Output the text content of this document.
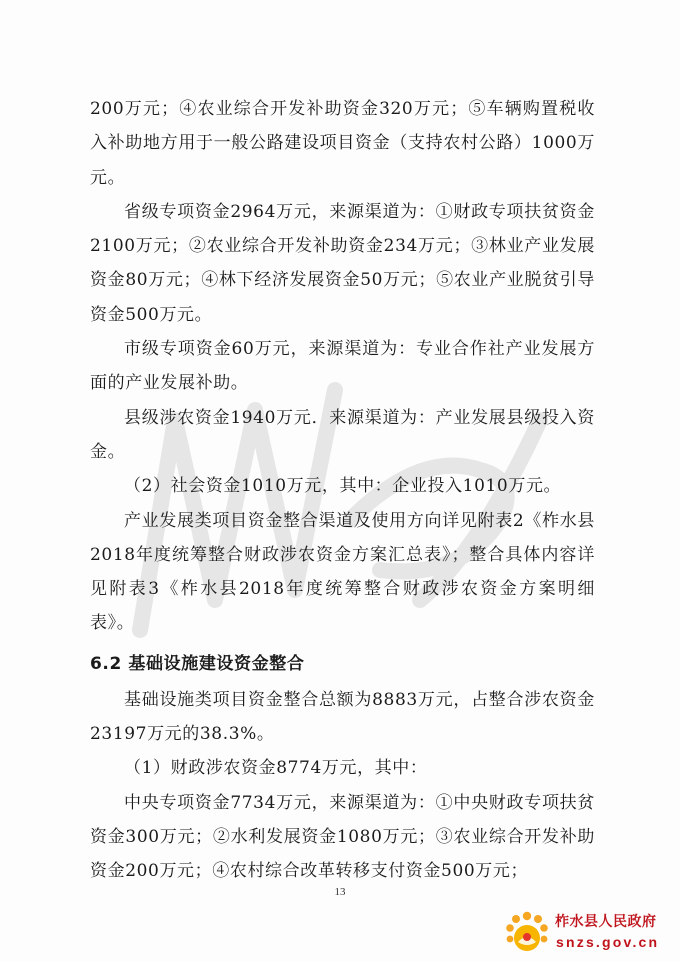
200万元；④农业综合开发补助资金320万元；⑤车辆购置税收入补助地方用于一般公路建设项目资金（支持农村公路）1000万元。

省级专项资金2964万元，来源渠道为：①财政专项扶贫资金2100万元；②农业综合开发补助资金234万元；③林业产业发展资金80万元；④林下经济发展资金50万元；⑤农业产业脱贫引导资金500万元。

市级专项资金60万元，来源渠道为：专业合作社产业发展方面的产业发展补助。

县级涉农资金1940万元．来源渠道为：产业发展县级投入资金。

（2）社会资金1010万元，其中：企业投入1010万元。

产业发展类项目资金整合渠道及使用方向详见附表2《柞水县2018年度统筹整合财政涉农资金方案汇总表》；整合具体内容详见附表3《柞水县2018年度统筹整合财政涉农资金方案明细表》。

6.2 基础设施建设资金整合

基础设施类项目资金整合总额为8883万元，占整合涉农资金23197万元的38.3%。

（1）财政涉农资金8774万元，其中：

中央专项资金7734万元，来源渠道为：①中央财政专项扶贫资金300万元；②水利发展资金1080万元；③农业综合开发补助资金200万元；④农村综合改革转移支付资金500万元；

13
柞水县人民政府
snzs.gov.cn
